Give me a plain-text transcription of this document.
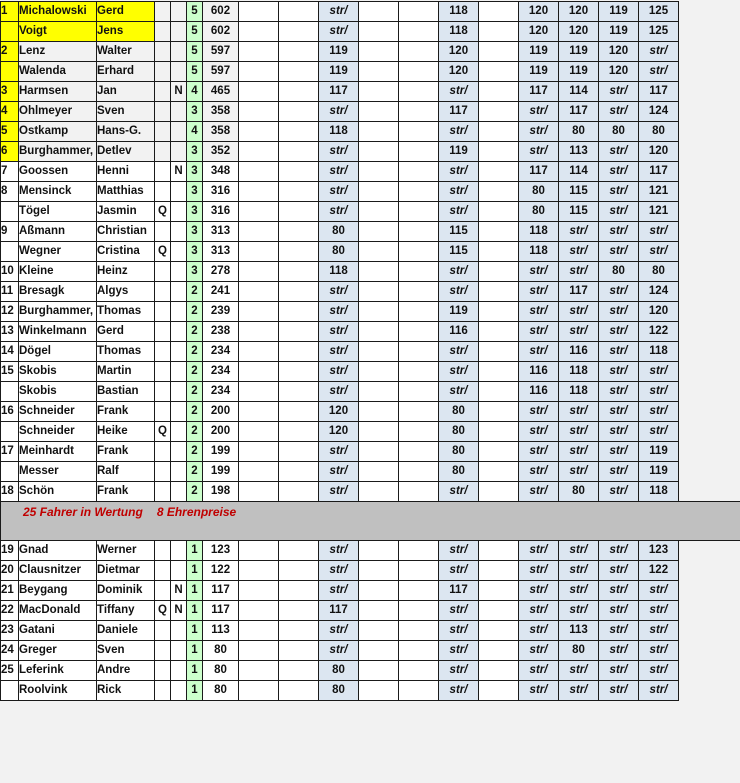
1	Michalowski	Gerd			5	602			str/			118		120	120	119	125
	Voigt	Jens			5	602			str/			118		120	120	119	125
2	Lenz	Walter			5	597			119			120		119	119	120	str/
	Walenda	Erhard			5	597			119			120		119	119	120	str/
3	Harmsen	Jan		N	4	465			117			str/		117	114	str/	117
4	Ohlmeyer	Sven			3	358			str/			117		str/	117	str/	124
5	Ostkamp	Hans-G.			4	358			118			str/		str/	80	80	80
6	Burghammer,	Detlev			3	352			str/			119		str/	113	str/	120
7	Goossen	Henni		N	3	348			str/			str/		117	114	str/	117
8	Mensinck	Matthias			3	316			str/			str/		80	115	str/	121
	Tögel	Jasmin	Q		3	316			str/			str/		80	115	str/	121
9	Aßmann	Christian			3	313			80			115		118	str/	str/	str/
	Wegner	Cristina	Q		3	313			80			115		118	str/	str/	str/
10	Kleine	Heinz			3	278			118			str/		str/	str/	80	80
11	Bresagk	Algys			2	241			str/			str/		str/	117	str/	124
12	Burghammer,	Thomas			2	239			str/			119		str/	str/	str/	120
13	Winkelmann	Gerd			2	238			str/			116		str/	str/	str/	122
14	Dögel	Thomas			2	234			str/			str/		str/	116	str/	118
15	Skobis	Martin			2	234			str/			str/		116	118	str/	str/
	Skobis	Bastian			2	234			str/			str/		116	118	str/	str/
16	Schneider	Frank			2	200			120			80		str/	str/	str/	str/
	Schneider	Heike	Q		2	200			120			80		str/	str/	str/	str/
17	Meinhardt	Frank			2	199			str/			80		str/	str/	str/	119
	Messer	Ralf			2	199			str/			80		str/	str/	str/	119
18	Schön	Frank			2	198			str/			str/		str/	80	str/	118
25 Fahrer in Wertung 8 Ehrenpreise																	
19	Gnad	Werner			1	123			str/			str/		str/	str/	str/	123
20	Clausnitzer	Dietmar			1	122			str/			str/		str/	str/	str/	122
21	Beygang	Dominik		N	1	117			str/			117		str/	str/	str/	str/
22	MacDonald	Tiffany	Q	N	1	117			117			str/		str/	str/	str/	str/
23	Gatani	Daniele			1	113			str/			str/		str/	113	str/	str/
24	Greger	Sven			1	80			str/			str/		str/	80	str/	str/
25	Leferink	Andre			1	80			80			str/		str/	str/	str/	str/
	Roolvink	Rick			1	80			80			str/		str/	str/	str/	str/
